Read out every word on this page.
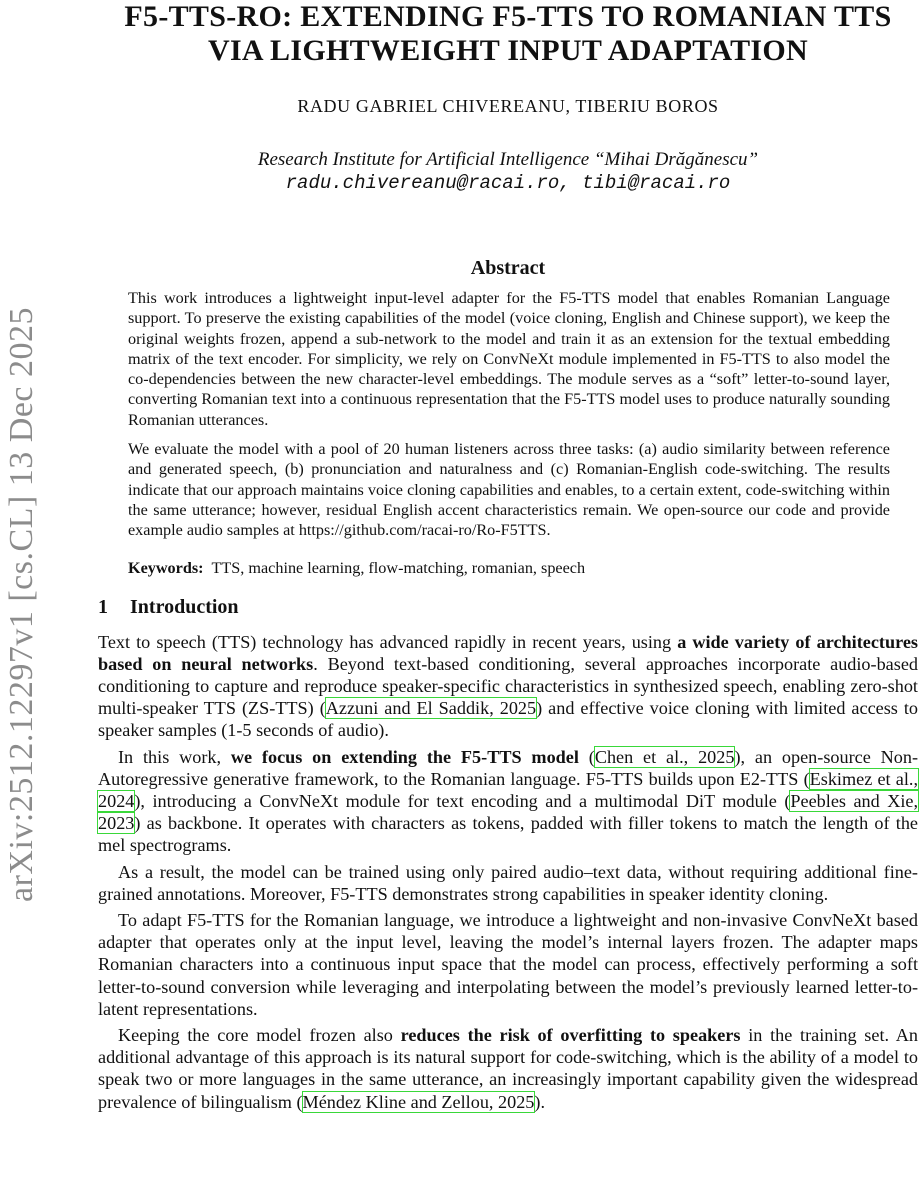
arXiv:2512.12297v1 [cs.CL] 13 Dec 2025
F5-TTS-RO: EXTENDING F5-TTS TO ROMANIAN TTS
VIA LIGHTWEIGHT INPUT ADAPTATION
RADU GABRIEL CHIVEREANU, TIBERIU BOROS
Research Institute for Artificial Intelligence “Mihai Drăgănescu”
radu.chivereanu@racai.ro, tibi@racai.ro
Abstract

This work introduces a lightweight input-level adapter for the F5-TTS model that enables Romanian Language support. To preserve the existing capabilities of the model (voice cloning, English and Chinese support), we keep the original weights frozen, append a sub-network to the model and train it as an extension for the textual embedding matrix of the text encoder. For simplicity, we rely on ConvNeXt module implemented in F5-TTS to also model the co-dependencies between the new character-level embeddings. The module serves as a “soft” letter-to-sound layer, converting Romanian text into a continuous representation that the F5-TTS model uses to produce naturally sounding Romanian utterances.

We evaluate the model with a pool of 20 human listeners across three tasks: (a) audio similarity between reference and generated speech, (b) pronunciation and naturalness and (c) Romanian-English code-switching. The results indicate that our approach maintains voice cloning capabilities and enables, to a certain extent, code-switching within the same utterance; however, residual English accent characteristics remain. We open-source our code and provide example audio samples at https://github.com/racai-ro/Ro-F5TTS.

Keywords: TTS, machine learning, flow-matching, romanian, speech
1 Introduction

Text to speech (TTS) technology has advanced rapidly in recent years, using a wide variety of architectures based on neural networks. Beyond text-based conditioning, several approaches incorporate audio-based conditioning to capture and reproduce speaker-specific characteristics in synthesized speech, enabling zero-shot multi-speaker TTS (ZS-TTS) (Azzuni and El Saddik, 2025) and effective voice cloning with limited access to speaker samples (1-5 seconds of audio).

In this work, we focus on extending the F5-TTS model (Chen et al., 2025), an open-source Non-Autoregressive generative framework, to the Romanian language. F5-TTS builds upon E2-TTS (Eskimez et al., 2024), introducing a ConvNeXt module for text encoding and a multimodal DiT module (Peebles and Xie, 2023) as backbone. It operates with characters as tokens, padded with filler tokens to match the length of the mel spectrograms.

As a result, the model can be trained using only paired audio–text data, without requiring additional fine-grained annotations. Moreover, F5-TTS demonstrates strong capabilities in speaker identity cloning.

To adapt F5-TTS for the Romanian language, we introduce a lightweight and non-invasive ConvNeXt based adapter that operates only at the input level, leaving the model’s internal layers frozen. The adapter maps Romanian characters into a continuous input space that the model can process, effectively performing a soft letter-to-sound conversion while leveraging and interpolating between the model’s previously learned letter-to-latent representations.

Keeping the core model frozen also reduces the risk of overfitting to speakers in the training set. An additional advantage of this approach is its natural support for code-switching, which is the ability of a model to speak two or more languages in the same utterance, an increasingly important capability given the widespread prevalence of bilingualism (Méndez Kline and Zellou, 2025).
